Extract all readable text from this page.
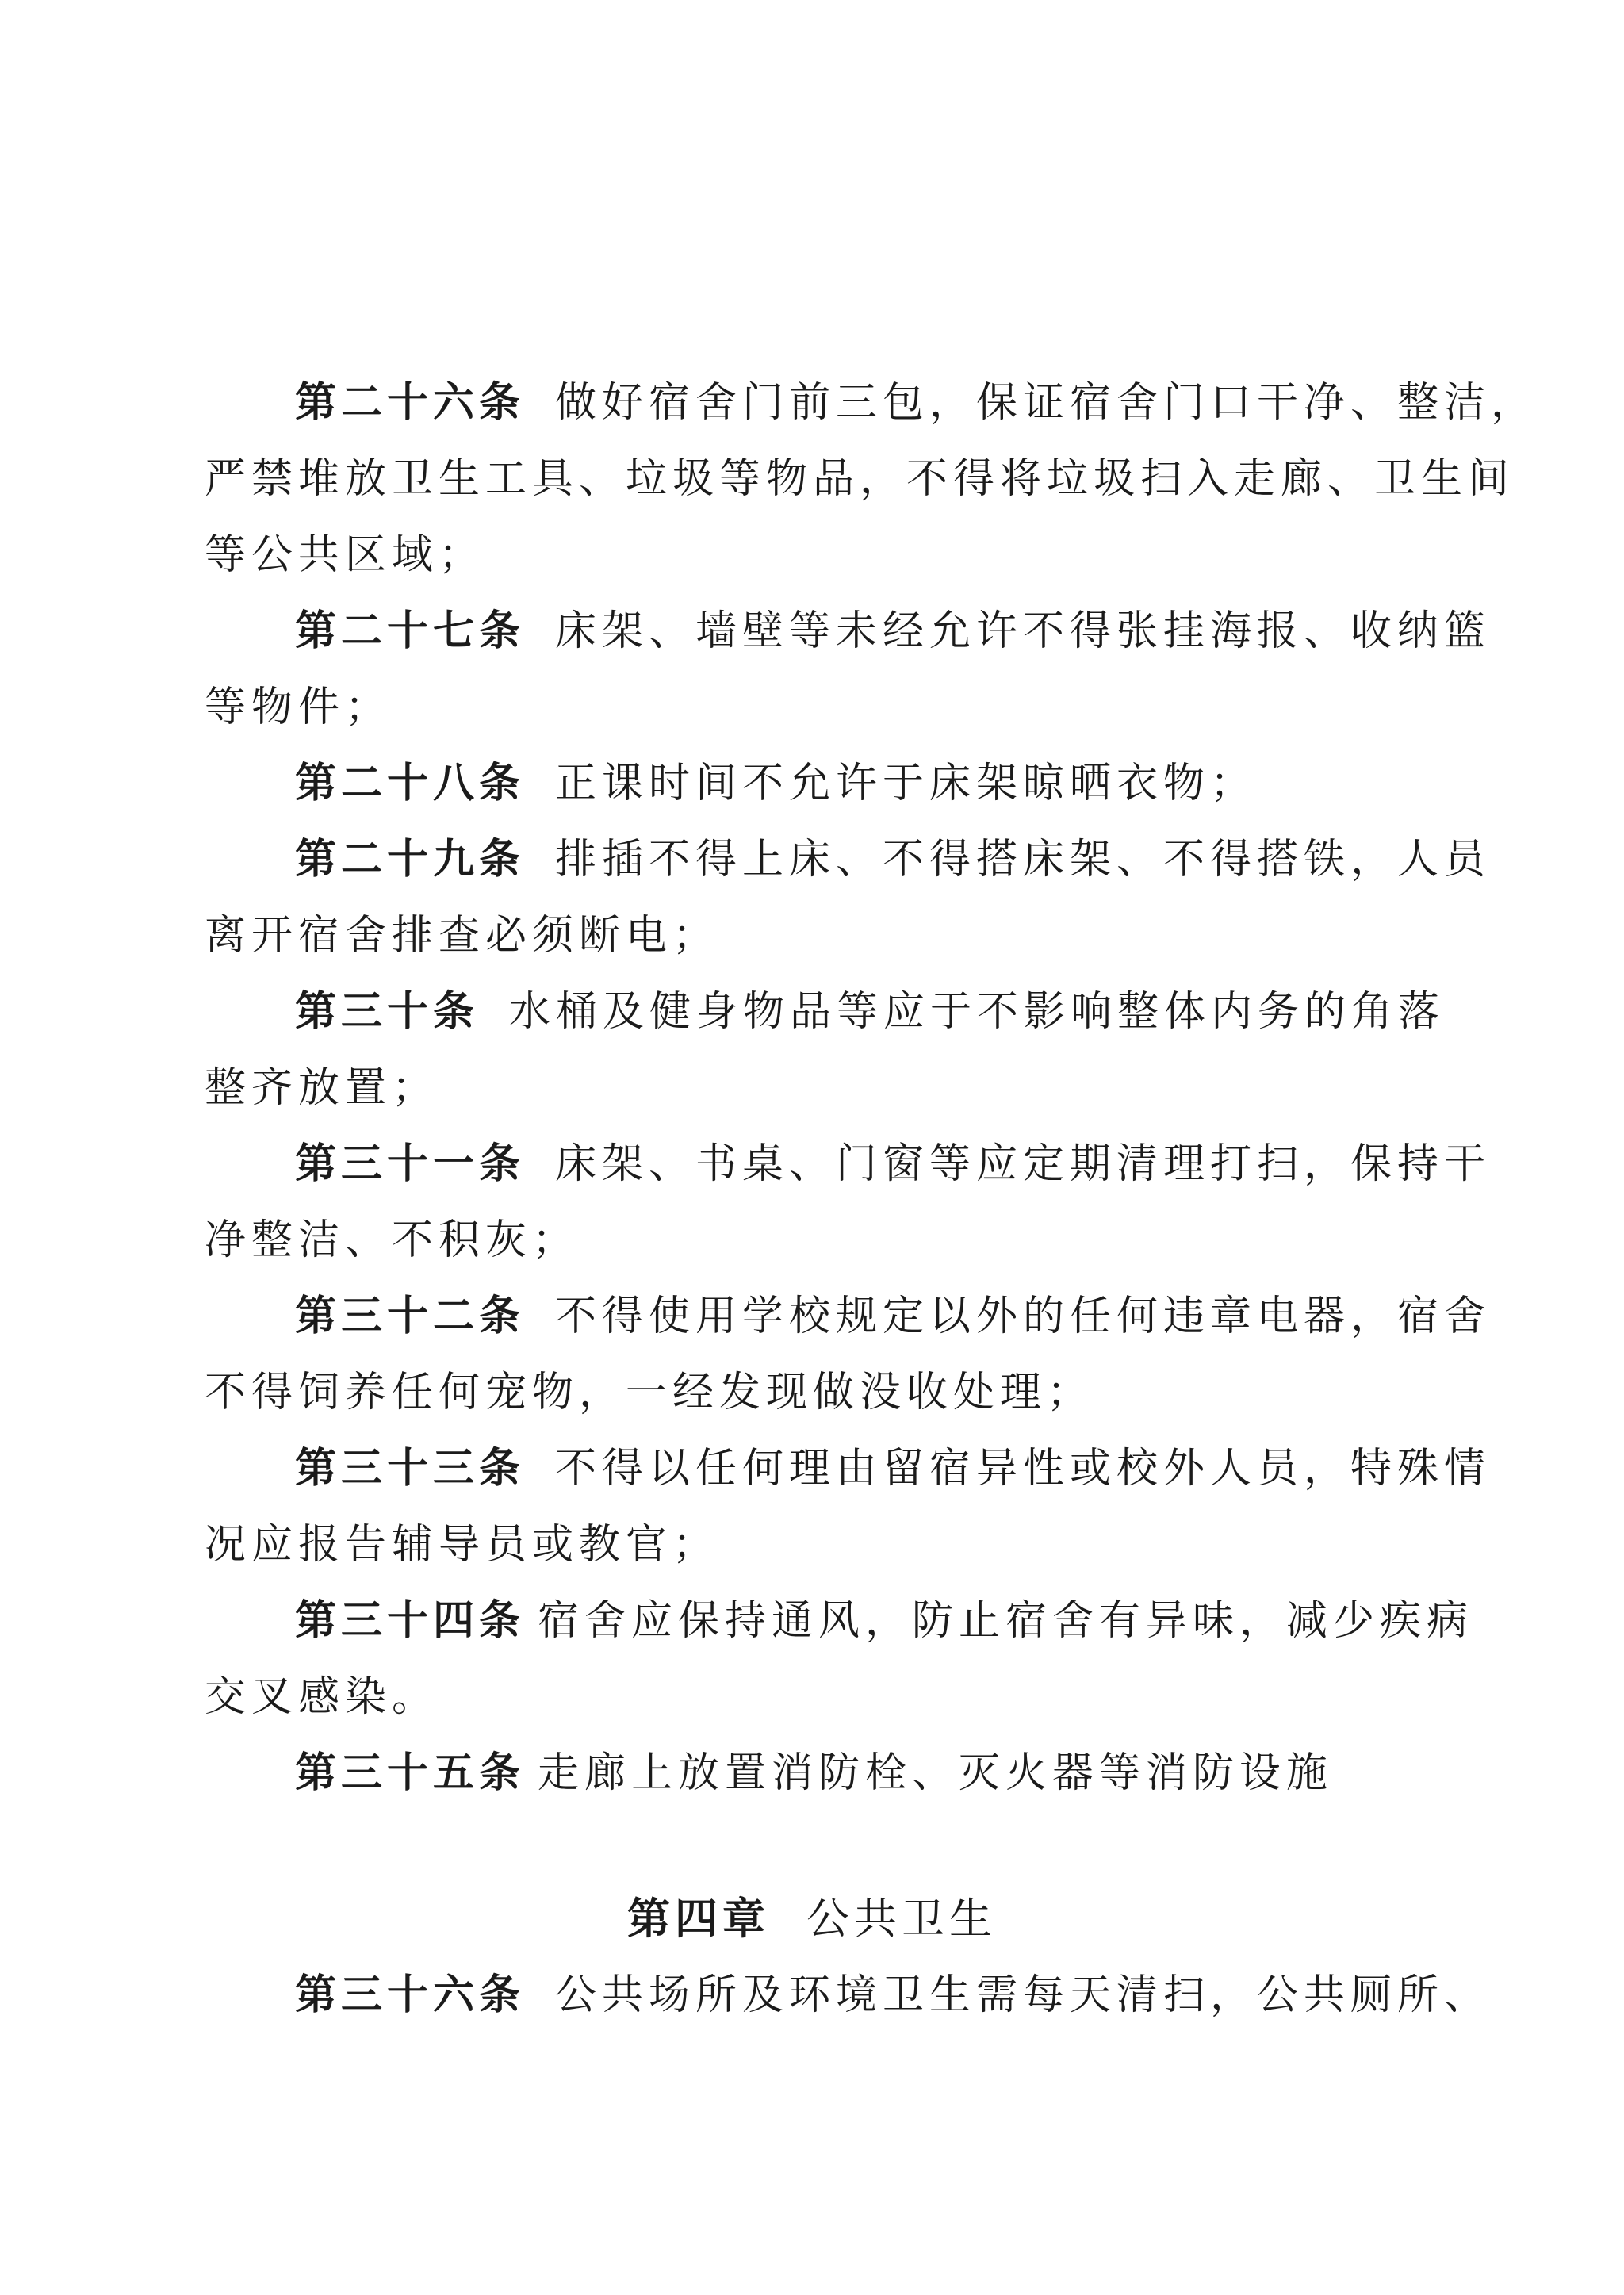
第二十六条 做好宿舍门前三包，保证宿舍门口干净、整洁，
严禁堆放卫生工具、垃圾等物品，不得将垃圾扫入走廊、卫生间
等公共区域；
第二十七条 床架、墙壁等未经允许不得张挂海报、收纳篮
等物件；
第二十八条 正课时间不允许于床架晾晒衣物；
第二十九条 排插不得上床、不得搭床架、不得搭铁，人员
离开宿舍排查必须断电；
第三十条 水桶及健身物品等应于不影响整体内务的角落
整齐放置；
第三十一条 床架、书桌、门窗等应定期清理打扫，保持干
净整洁、不积灰；
第三十二条 不得使用学校规定以外的任何违章电器，宿舍
不得饲养任何宠物，一经发现做没收处理；
第三十三条 不得以任何理由留宿异性或校外人员，特殊情
况应报告辅导员或教官；
第三十四条 宿舍应保持通风，防止宿舍有异味，减少疾病
交叉感染。
第三十五条 走廊上放置消防栓、灭火器等消防设施
第四章 公共卫生
第三十六条 公共场所及环境卫生需每天清扫，公共厕所、
